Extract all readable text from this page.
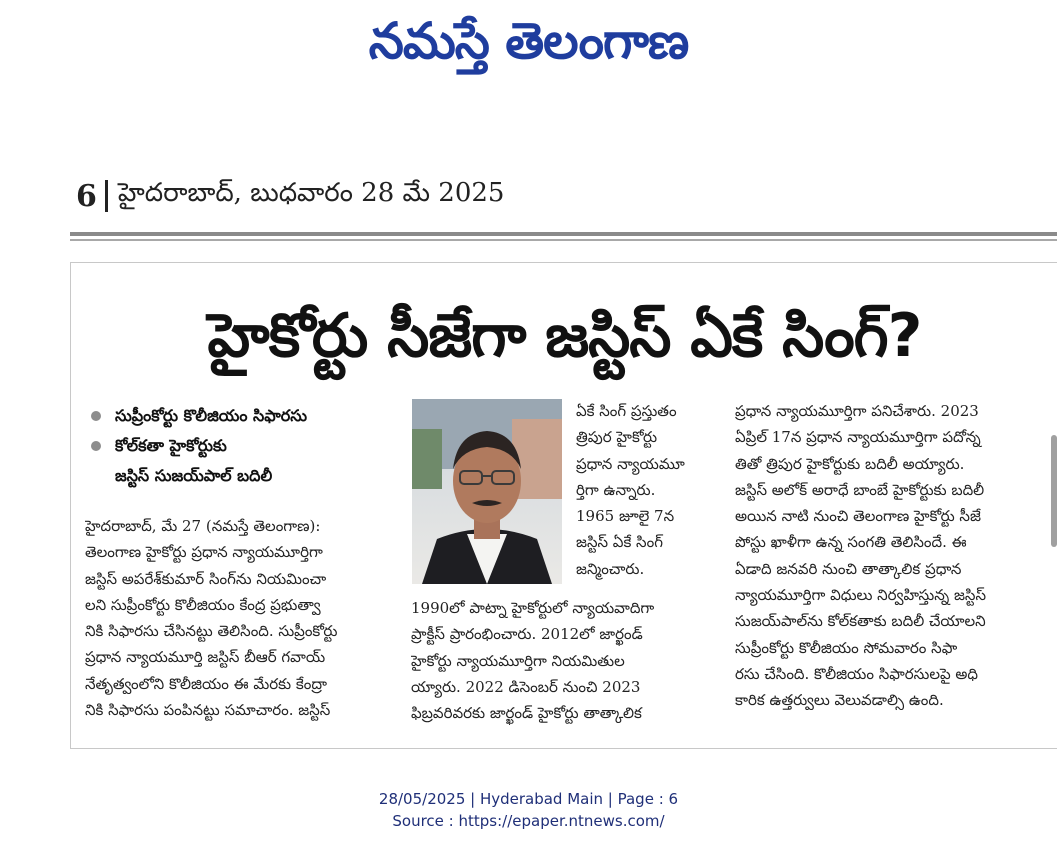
నమస్తే తెలంగాణ
6 హైదరాబాద్, బుధవారం 28 మే 2025
హైకోర్టు సీజేగా జస్టిస్ ఏకే సింగ్?
సుప్రీంకోర్టు కొలీజియం సిఫారసు
కోల్‌కతా హైకోర్టుకు
జస్టిస్ సుజయ్‌పాల్ బదిలీ

హైదరాబాద్, మే 27 (నమస్తే తెలంగాణ):

తెలంగాణ హైకోర్టు ప్రధాన న్యాయమూర్తిగా

జస్టిస్ అపరేశ్‌కుమార్ సింగ్‌ను నియమించా

లని సుప్రీంకోర్టు కొలీజియం కేంద్ర ప్రభుత్వా

నికి సిఫారసు చేసినట్టు తెలిసింది. సుప్రీంకోర్టు

ప్రధాన న్యాయమూర్తి జస్టిస్ బీఆర్ గవాయ్

నేతృత్వంలోని కొలీజియం ఈ మేరకు కేంద్రా

నికి సిఫారసు పంపినట్టు సమాచారం. జస్టిస్

ఏకే సింగ్ ప్రస్తుతం

త్రిపుర హైకోర్టు

ప్రధాన న్యాయమూ

ర్తిగా ఉన్నారు.

1965 జూలై 7న

జస్టిస్ ఏకే సింగ్

జన్మించారు.

1990లో పాట్నా హైకోర్టులో న్యాయవాదిగా

ప్రాక్టీస్ ప్రారంభించారు. 2012లో జార్ఖండ్

హైకోర్టు న్యాయమూర్తిగా నియమితుల

య్యారు. 2022 డిసెంబర్ నుంచి 2023

ఫిబ్రవరివరకు జార్ఖండ్ హైకోర్టు తాత్కాలిక

ప్రధాన న్యాయమూర్తిగా పనిచేశారు. 2023

ఏప్రిల్ 17న ప్రధాన న్యాయమూర్తిగా పదోన్న

తితో త్రిపుర హైకోర్టుకు బదిలీ అయ్యారు.

జస్టిస్ అలోక్ అరాధే బాంబే హైకోర్టుకు బదిలీ

అయిన నాటి నుంచి తెలంగాణ హైకోర్టు సీజే

పోస్టు ఖాళీగా ఉన్న సంగతి తెలిసిందే. ఈ

ఏడాది జనవరి నుంచి తాత్కాలిక ప్రధాన

న్యాయమూర్తిగా విధులు నిర్వహిస్తున్న జస్టిస్

సుజయ్‌పాల్‌ను కోల్‌కతాకు బదిలీ చేయాలని

సుప్రీంకోర్టు కొలీజియం సోమవారం సిఫా

రసు చేసింది. కొలీజియం సిఫారసులపై అధి

కారిక ఉత్తర్వులు వెలువడాల్సి ఉంది.

28/05/2025 | Hyderabad Main | Page : 6
Source : https://epaper.ntnews.com/
